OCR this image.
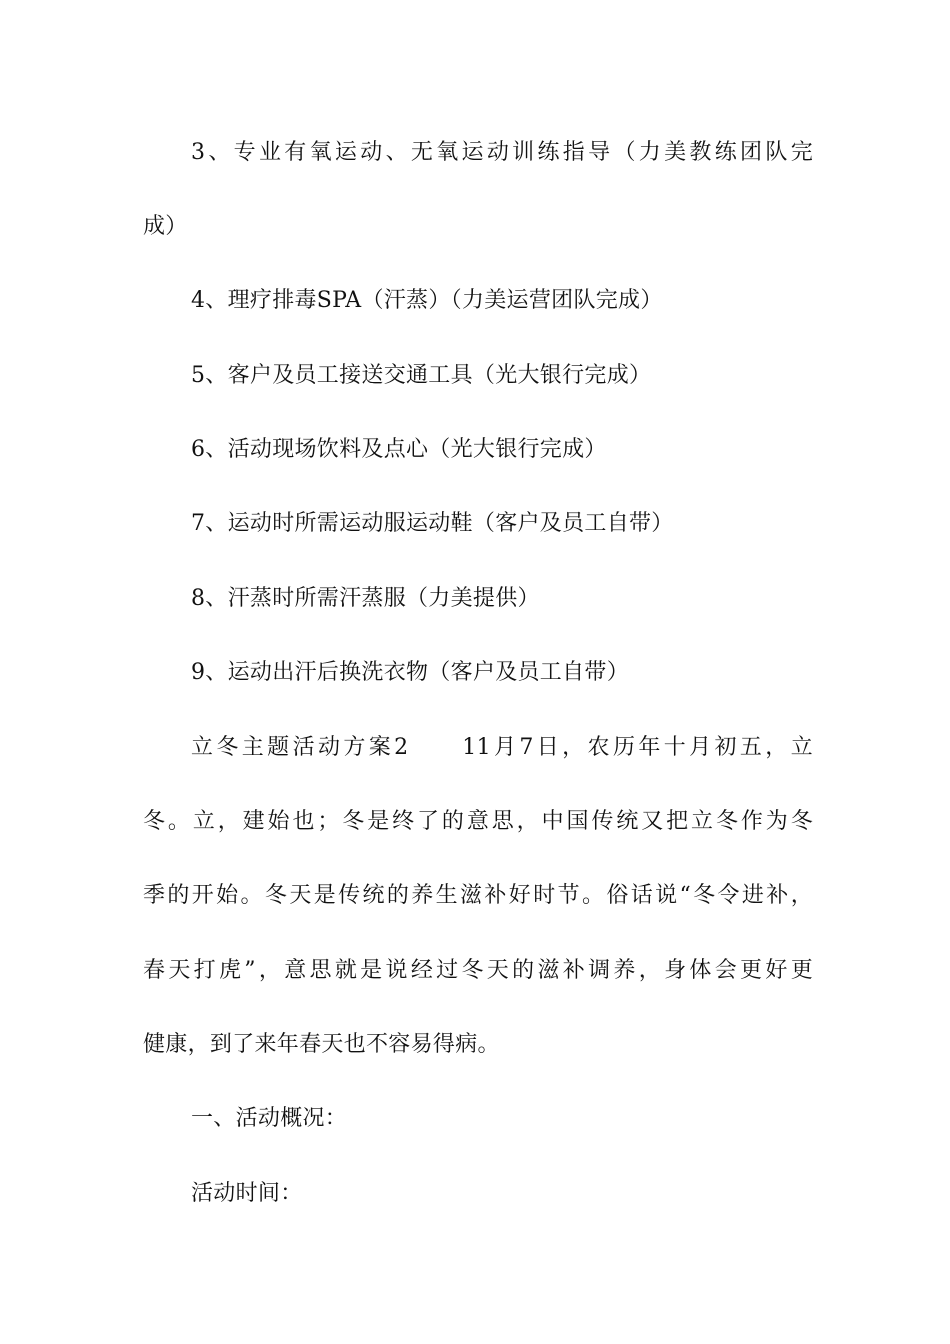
3、专业有氧运动、无氧运动训练指导（力美教练团队完
成）
4、理疗排毒SPA（汗蒸）（力美运营团队完成）
5、客户及员工接送交通工具（光大银行完成）
6、活动现场饮料及点心（光大银行完成）
7、运动时所需运动服运动鞋（客户及员工自带）
8、汗蒸时所需汗蒸服（力美提供）
9、运动出汗后换洗衣物（客户及员工自带）
立冬主题活动方案2　　11月7日，农历年十月初五，立
冬。立，建始也；冬是终了的意思，中国传统又把立冬作为冬
季的开始。冬天是传统的养生滋补好时节。俗话说“冬令进补，
春天打虎”，意思就是说经过冬天的滋补调养，身体会更好更
健康，到了来年春天也不容易得病。
一、活动概况：
活动时间：
